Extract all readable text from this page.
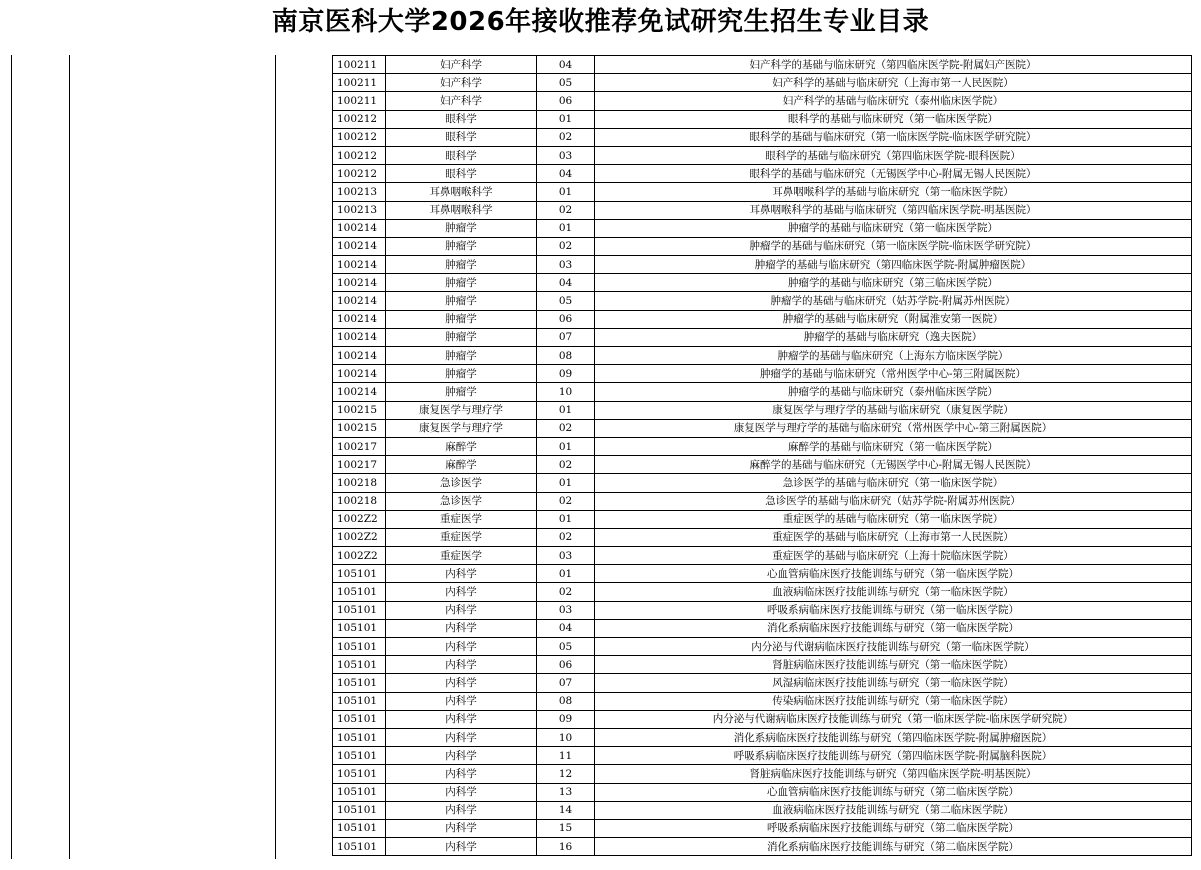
南京医科大学2026年接收推荐免试研究生招生专业目录
100211	妇产科学	04	妇产科学的基础与临床研究（第四临床医学院-附属妇产医院）
100211	妇产科学	05	妇产科学的基础与临床研究（上海市第一人民医院）
100211	妇产科学	06	妇产科学的基础与临床研究（泰州临床医学院）
100212	眼科学	01	眼科学的基础与临床研究（第一临床医学院）
100212	眼科学	02	眼科学的基础与临床研究（第一临床医学院-临床医学研究院）
100212	眼科学	03	眼科学的基础与临床研究（第四临床医学院-眼科医院）
100212	眼科学	04	眼科学的基础与临床研究（无锡医学中心-附属无锡人民医院）
100213	耳鼻咽喉科学	01	耳鼻咽喉科学的基础与临床研究（第一临床医学院）
100213	耳鼻咽喉科学	02	耳鼻咽喉科学的基础与临床研究（第四临床医学院-明基医院）
100214	肿瘤学	01	肿瘤学的基础与临床研究（第一临床医学院）
100214	肿瘤学	02	肿瘤学的基础与临床研究（第一临床医学院-临床医学研究院）
100214	肿瘤学	03	肿瘤学的基础与临床研究（第四临床医学院-附属肿瘤医院）
100214	肿瘤学	04	肿瘤学的基础与临床研究（第三临床医学院）
100214	肿瘤学	05	肿瘤学的基础与临床研究（姑苏学院-附属苏州医院）
100214	肿瘤学	06	肿瘤学的基础与临床研究（附属淮安第一医院）
100214	肿瘤学	07	肿瘤学的基础与临床研究（逸夫医院）
100214	肿瘤学	08	肿瘤学的基础与临床研究（上海东方临床医学院）
100214	肿瘤学	09	肿瘤学的基础与临床研究（常州医学中心-第三附属医院）
100214	肿瘤学	10	肿瘤学的基础与临床研究（泰州临床医学院）
100215	康复医学与理疗学	01	康复医学与理疗学的基础与临床研究（康复医学院）
100215	康复医学与理疗学	02	康复医学与理疗学的基础与临床研究（常州医学中心-第三附属医院）
100217	麻醉学	01	麻醉学的基础与临床研究（第一临床医学院）
100217	麻醉学	02	麻醉学的基础与临床研究（无锡医学中心-附属无锡人民医院）
100218	急诊医学	01	急诊医学的基础与临床研究（第一临床医学院）
100218	急诊医学	02	急诊医学的基础与临床研究（姑苏学院-附属苏州医院）
1002Z2	重症医学	01	重症医学的基础与临床研究（第一临床医学院）
1002Z2	重症医学	02	重症医学的基础与临床研究（上海市第一人民医院）
1002Z2	重症医学	03	重症医学的基础与临床研究（上海十院临床医学院）
105101	内科学	01	心血管病临床医疗技能训练与研究（第一临床医学院）
105101	内科学	02	血液病临床医疗技能训练与研究（第一临床医学院）
105101	内科学	03	呼吸系病临床医疗技能训练与研究（第一临床医学院）
105101	内科学	04	消化系病临床医疗技能训练与研究（第一临床医学院）
105101	内科学	05	内分泌与代谢病临床医疗技能训练与研究（第一临床医学院）
105101	内科学	06	肾脏病临床医疗技能训练与研究（第一临床医学院）
105101	内科学	07	风湿病临床医疗技能训练与研究（第一临床医学院）
105101	内科学	08	传染病临床医疗技能训练与研究（第一临床医学院）
105101	内科学	09	内分泌与代谢病临床医疗技能训练与研究（第一临床医学院-临床医学研究院）
105101	内科学	10	消化系病临床医疗技能训练与研究（第四临床医学院-附属肿瘤医院）
105101	内科学	11	呼吸系病临床医疗技能训练与研究（第四临床医学院-附属脑科医院）
105101	内科学	12	肾脏病临床医疗技能训练与研究（第四临床医学院-明基医院）
105101	内科学	13	心血管病临床医疗技能训练与研究（第二临床医学院）
105101	内科学	14	血液病临床医疗技能训练与研究（第二临床医学院）
105101	内科学	15	呼吸系病临床医疗技能训练与研究（第二临床医学院）
105101	内科学	16	消化系病临床医疗技能训练与研究（第二临床医学院）
